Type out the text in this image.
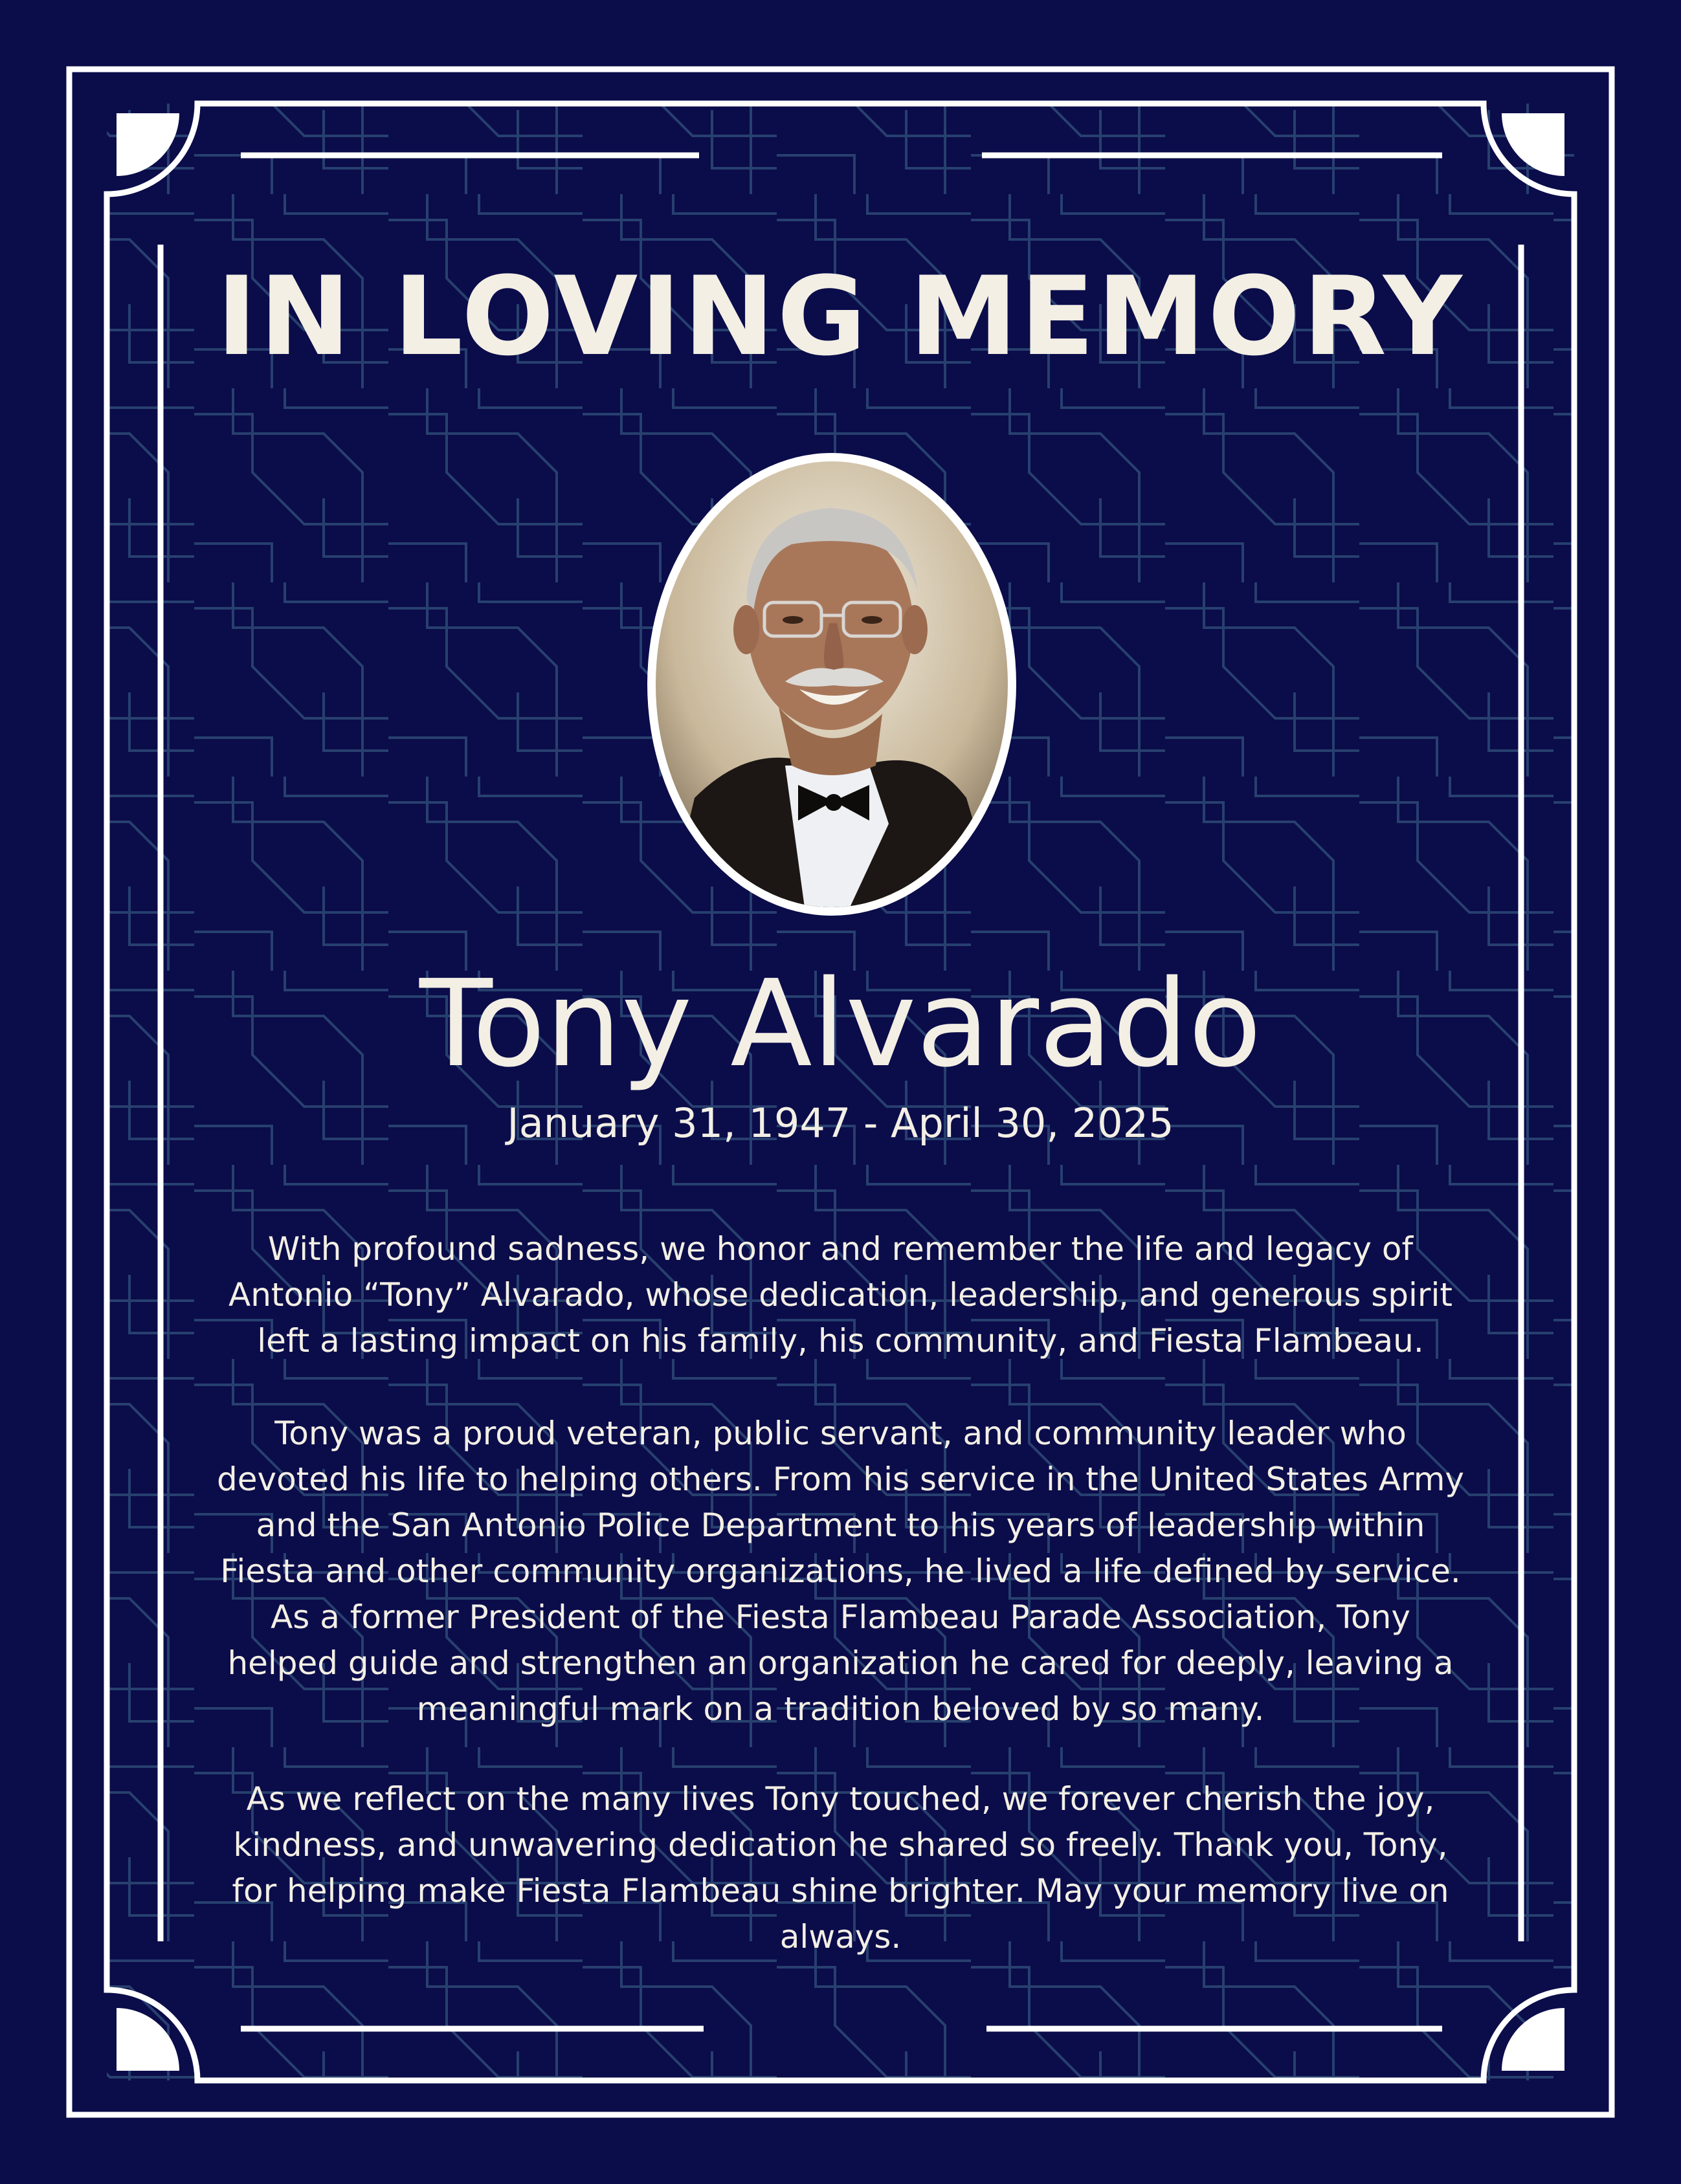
IN LOVING MEMORY
Tony Alvarado
January 31, 1947 - April 30, 2025

With profound sadness, we honor and remember the life and legacy of Antonio “Tony” Alvarado, whose dedication, leadership, and generous spirit left a lasting impact on his family, his community, and Fiesta Flambeau.

Tony was a proud veteran, public servant, and community leader who devoted his life to helping others. From his service in the United States Army and the San Antonio Police Department to his years of leadership within Fiesta and other community organizations, he lived a life defined by service. As a former President of the Fiesta Flambeau Parade Association, Tony helped guide and strengthen an organization he cared for deeply, leaving a meaningful mark on a tradition beloved by so many.

As we reflect on the many lives Tony touched, we forever cherish the joy, kindness, and unwavering dedication he shared so freely. Thank you, Tony, for helping make Fiesta Flambeau shine brighter. May your memory live on always.
